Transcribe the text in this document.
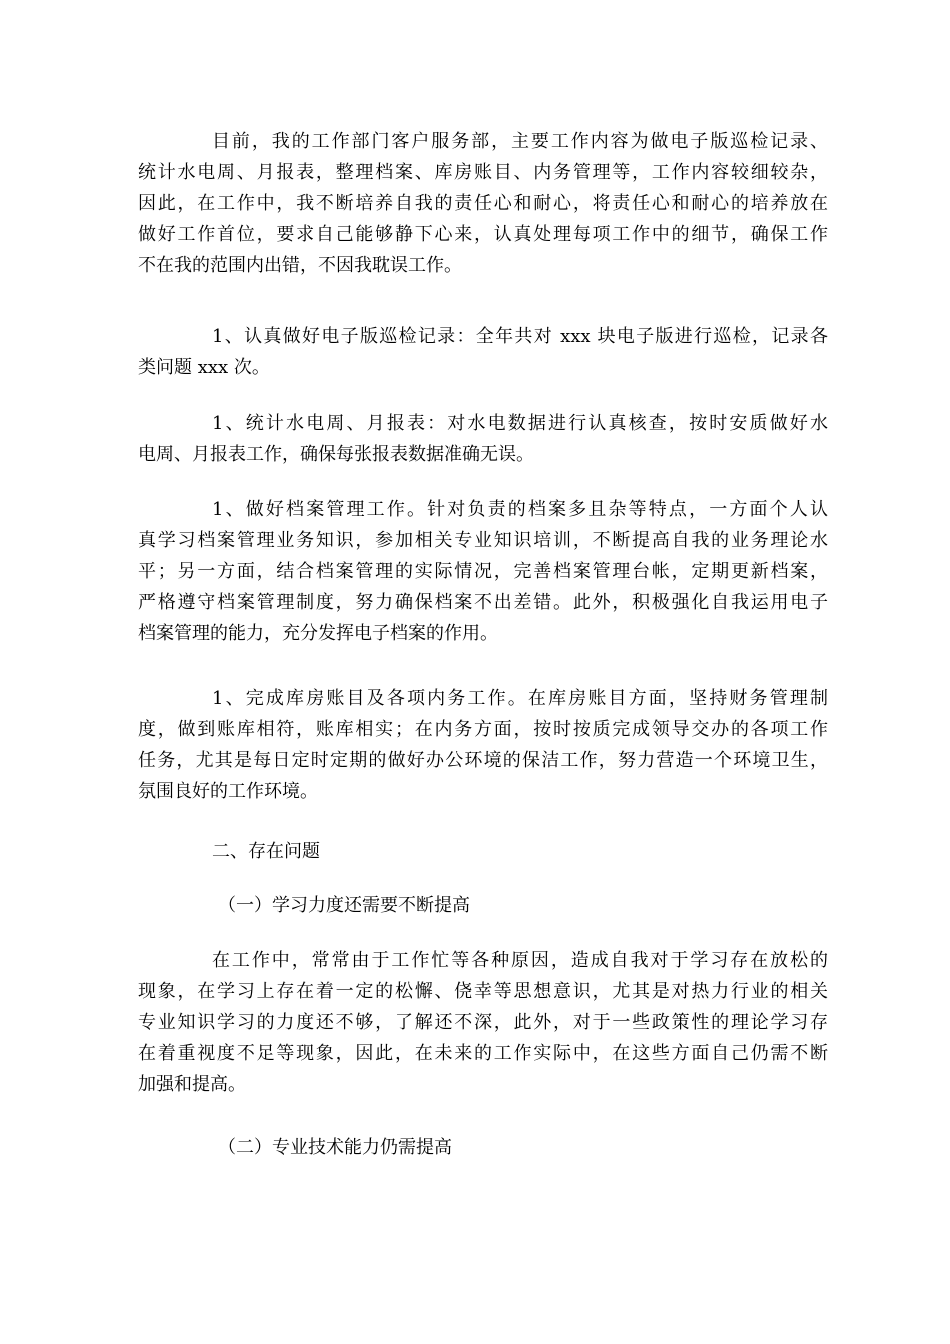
目前，我的工作部门客户服务部，主要工作内容为做电子版巡检记录、

统计水电周、月报表，整理档案、库房账目、内务管理等，工作内容较细较杂，

因此，在工作中，我不断培养自我的责任心和耐心，将责任心和耐心的培养放在

做好工作首位，要求自己能够静下心来，认真处理每项工作中的细节，确保工作

不在我的范围内出错，不因我耽误工作。

1、认真做好电子版巡检记录：全年共对 xxx 块电子版进行巡检，记录各

类问题 xxx 次。

1、统计水电周、月报表：对水电数据进行认真核查，按时安质做好水

电周、月报表工作，确保每张报表数据准确无误。

1、做好档案管理工作。针对负责的档案多且杂等特点，一方面个人认

真学习档案管理业务知识，参加相关专业知识培训，不断提高自我的业务理论水

平；另一方面，结合档案管理的实际情况，完善档案管理台帐，定期更新档案，

严格遵守档案管理制度，努力确保档案不出差错。此外，积极强化自我运用电子

档案管理的能力，充分发挥电子档案的作用。

1、完成库房账目及各项内务工作。在库房账目方面，坚持财务管理制

度，做到账库相符，账库相实；在内务方面，按时按质完成领导交办的各项工作

任务，尤其是每日定时定期的做好办公环境的保洁工作，努力营造一个环境卫生，

氛围良好的工作环境。

二、存在问题

（一）学习力度还需要不断提高

在工作中，常常由于工作忙等各种原因，造成自我对于学习存在放松的

现象，在学习上存在着一定的松懈、侥幸等思想意识，尤其是对热力行业的相关

专业知识学习的力度还不够，了解还不深，此外，对于一些政策性的理论学习存

在着重视度不足等现象，因此，在未来的工作实际中，在这些方面自己仍需不断

加强和提高。

（二）专业技术能力仍需提高
